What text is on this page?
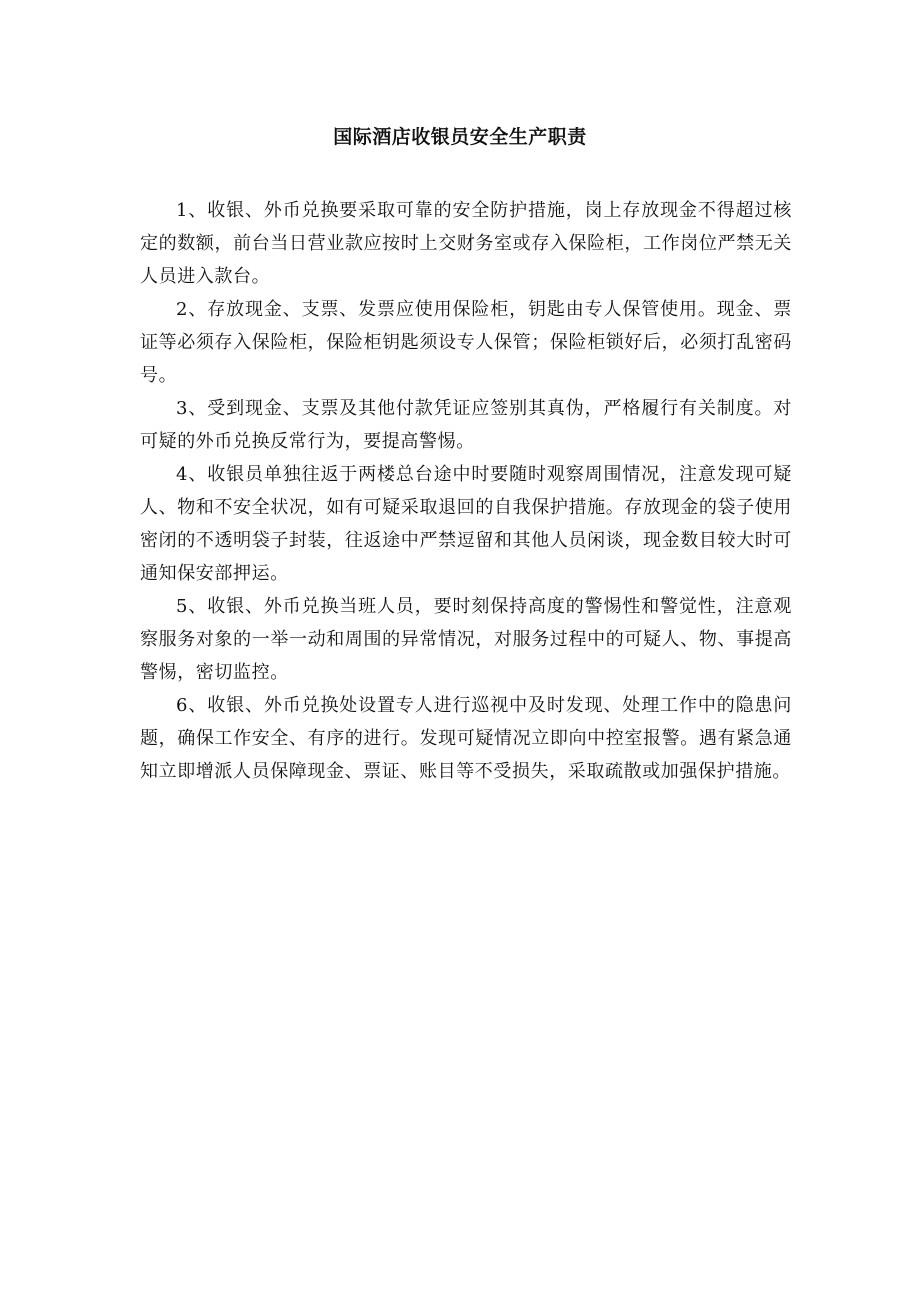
国际酒店收银员安全生产职责

1、收银、外币兑换要采取可靠的安全防护措施，岗上存放现金不得超过核定的数额，前台当日营业款应按时上交财务室或存入保险柜，工作岗位严禁无关人员进入款台。

2、存放现金、支票、发票应使用保险柜，钥匙由专人保管使用。现金、票证等必须存入保险柜，保险柜钥匙须设专人保管；保险柜锁好后，必须打乱密码号。

3、受到现金、支票及其他付款凭证应签别其真伪，严格履行有关制度。对可疑的外币兑换反常行为，要提高警惕。

4、收银员单独往返于两楼总台途中时要随时观察周围情况，注意发现可疑人、物和不安全状况，如有可疑采取退回的自我保护措施。存放现金的袋子使用密闭的不透明袋子封装，往返途中严禁逗留和其他人员闲谈，现金数目较大时可通知保安部押运。

5、收银、外币兑换当班人员，要时刻保持高度的警惕性和警觉性，注意观察服务对象的一举一动和周围的异常情况，对服务过程中的可疑人、物、事提高警惕，密切监控。

6、收银、外币兑换处设置专人进行巡视中及时发现、处理工作中的隐患问题，确保工作安全、有序的进行。发现可疑情况立即向中控室报警。遇有紧急通知立即增派人员保障现金、票证、账目等不受损失，采取疏散或加强保护措施。
